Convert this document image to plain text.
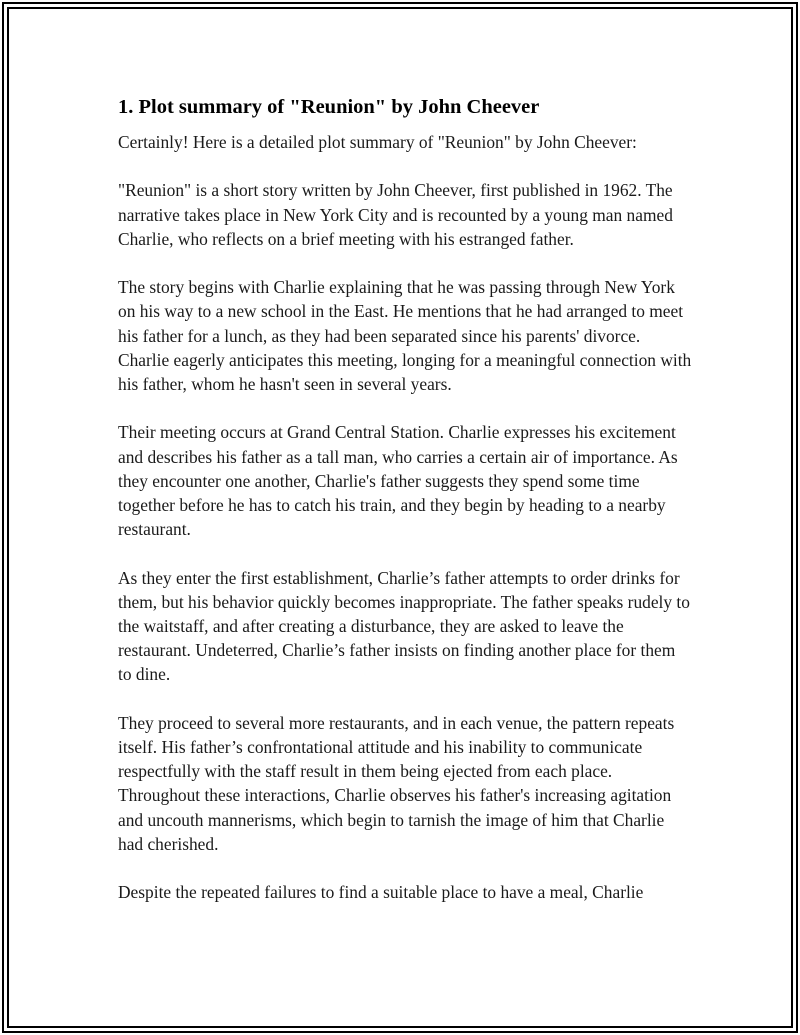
1. Plot summary of "Reunion" by John Cheever

Certainly! Here is a detailed plot summary of "Reunion" by John Cheever:

"Reunion" is a short story written by John Cheever, first published in 1962. The narrative takes place in New York City and is recounted by a young man named Charlie, who reflects on a brief meeting with his estranged father.

The story begins with Charlie explaining that he was passing through New York on his way to a new school in the East. He mentions that he had arranged to meet his father for a lunch, as they had been separated since his parents' divorce. Charlie eagerly anticipates this meeting, longing for a meaningful connection with his father, whom he hasn't seen in several years.

Their meeting occurs at Grand Central Station. Charlie expresses his excitement and describes his father as a tall man, who carries a certain air of importance. As they encounter one another, Charlie's father suggests they spend some time together before he has to catch his train, and they begin by heading to a nearby restaurant.

As they enter the first establishment, Charlie’s father attempts to order drinks for them, but his behavior quickly becomes inappropriate. The father speaks rudely to the waitstaff, and after creating a disturbance, they are asked to leave the restaurant. Undeterred, Charlie’s father insists on finding another place for them to dine.

They proceed to several more restaurants, and in each venue, the pattern repeats itself. His father’s confrontational attitude and his inability to communicate respectfully with the staff result in them being ejected from each place. Throughout these interactions, Charlie observes his father's increasing agitation and uncouth mannerisms, which begin to tarnish the image of him that Charlie had cherished.

Despite the repeated failures to find a suitable place to have a meal, Charlie
